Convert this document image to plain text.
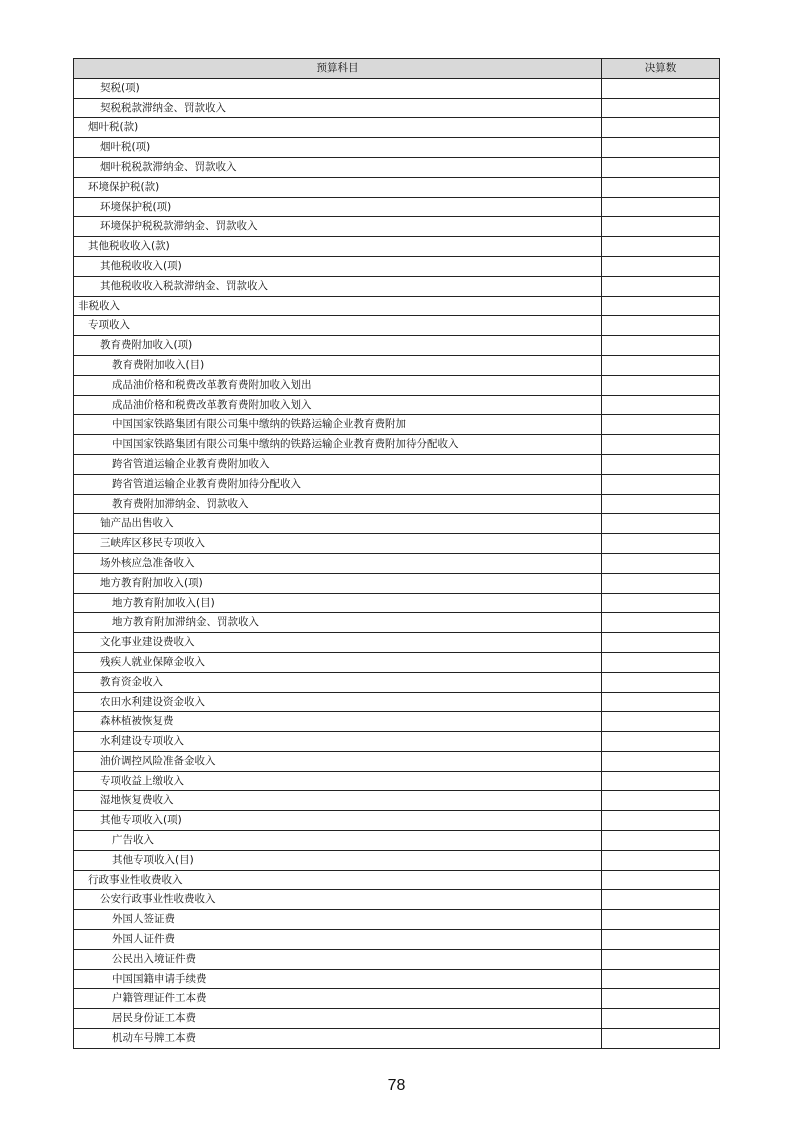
预算科目	决算数
契税(项)	
契税税款滞纳金、罚款收入	
烟叶税(款)	
烟叶税(项)	
烟叶税税款滞纳金、罚款收入	
环境保护税(款)	
环境保护税(项)	
环境保护税税款滞纳金、罚款收入	
其他税收收入(款)	
其他税收收入(项)	
其他税收收入税款滞纳金、罚款收入	
非税收入	
专项收入	
教育费附加收入(项)	
教育费附加收入(目)	
成品油价格和税费改革教育费附加收入划出	
成品油价格和税费改革教育费附加收入划入	
中国国家铁路集团有限公司集中缴纳的铁路运输企业教育费附加	
中国国家铁路集团有限公司集中缴纳的铁路运输企业教育费附加待分配收入	
跨省管道运输企业教育费附加收入	
跨省管道运输企业教育费附加待分配收入	
教育费附加滞纳金、罚款收入	
铀产品出售收入	
三峡库区移民专项收入	
场外核应急准备收入	
地方教育附加收入(项)	
地方教育附加收入(目)	
地方教育附加滞纳金、罚款收入	
文化事业建设费收入	
残疾人就业保障金收入	
教育资金收入	
农田水利建设资金收入	
森林植被恢复费	
水利建设专项收入	
油价调控风险准备金收入	
专项收益上缴收入	
湿地恢复费收入	
其他专项收入(项)	
广告收入	
其他专项收入(目)	
行政事业性收费收入	
公安行政事业性收费收入	
外国人签证费	
外国人证件费	
公民出入境证件费	
中国国籍申请手续费	
户籍管理证件工本费	
居民身份证工本费	
机动车号牌工本费	
78
